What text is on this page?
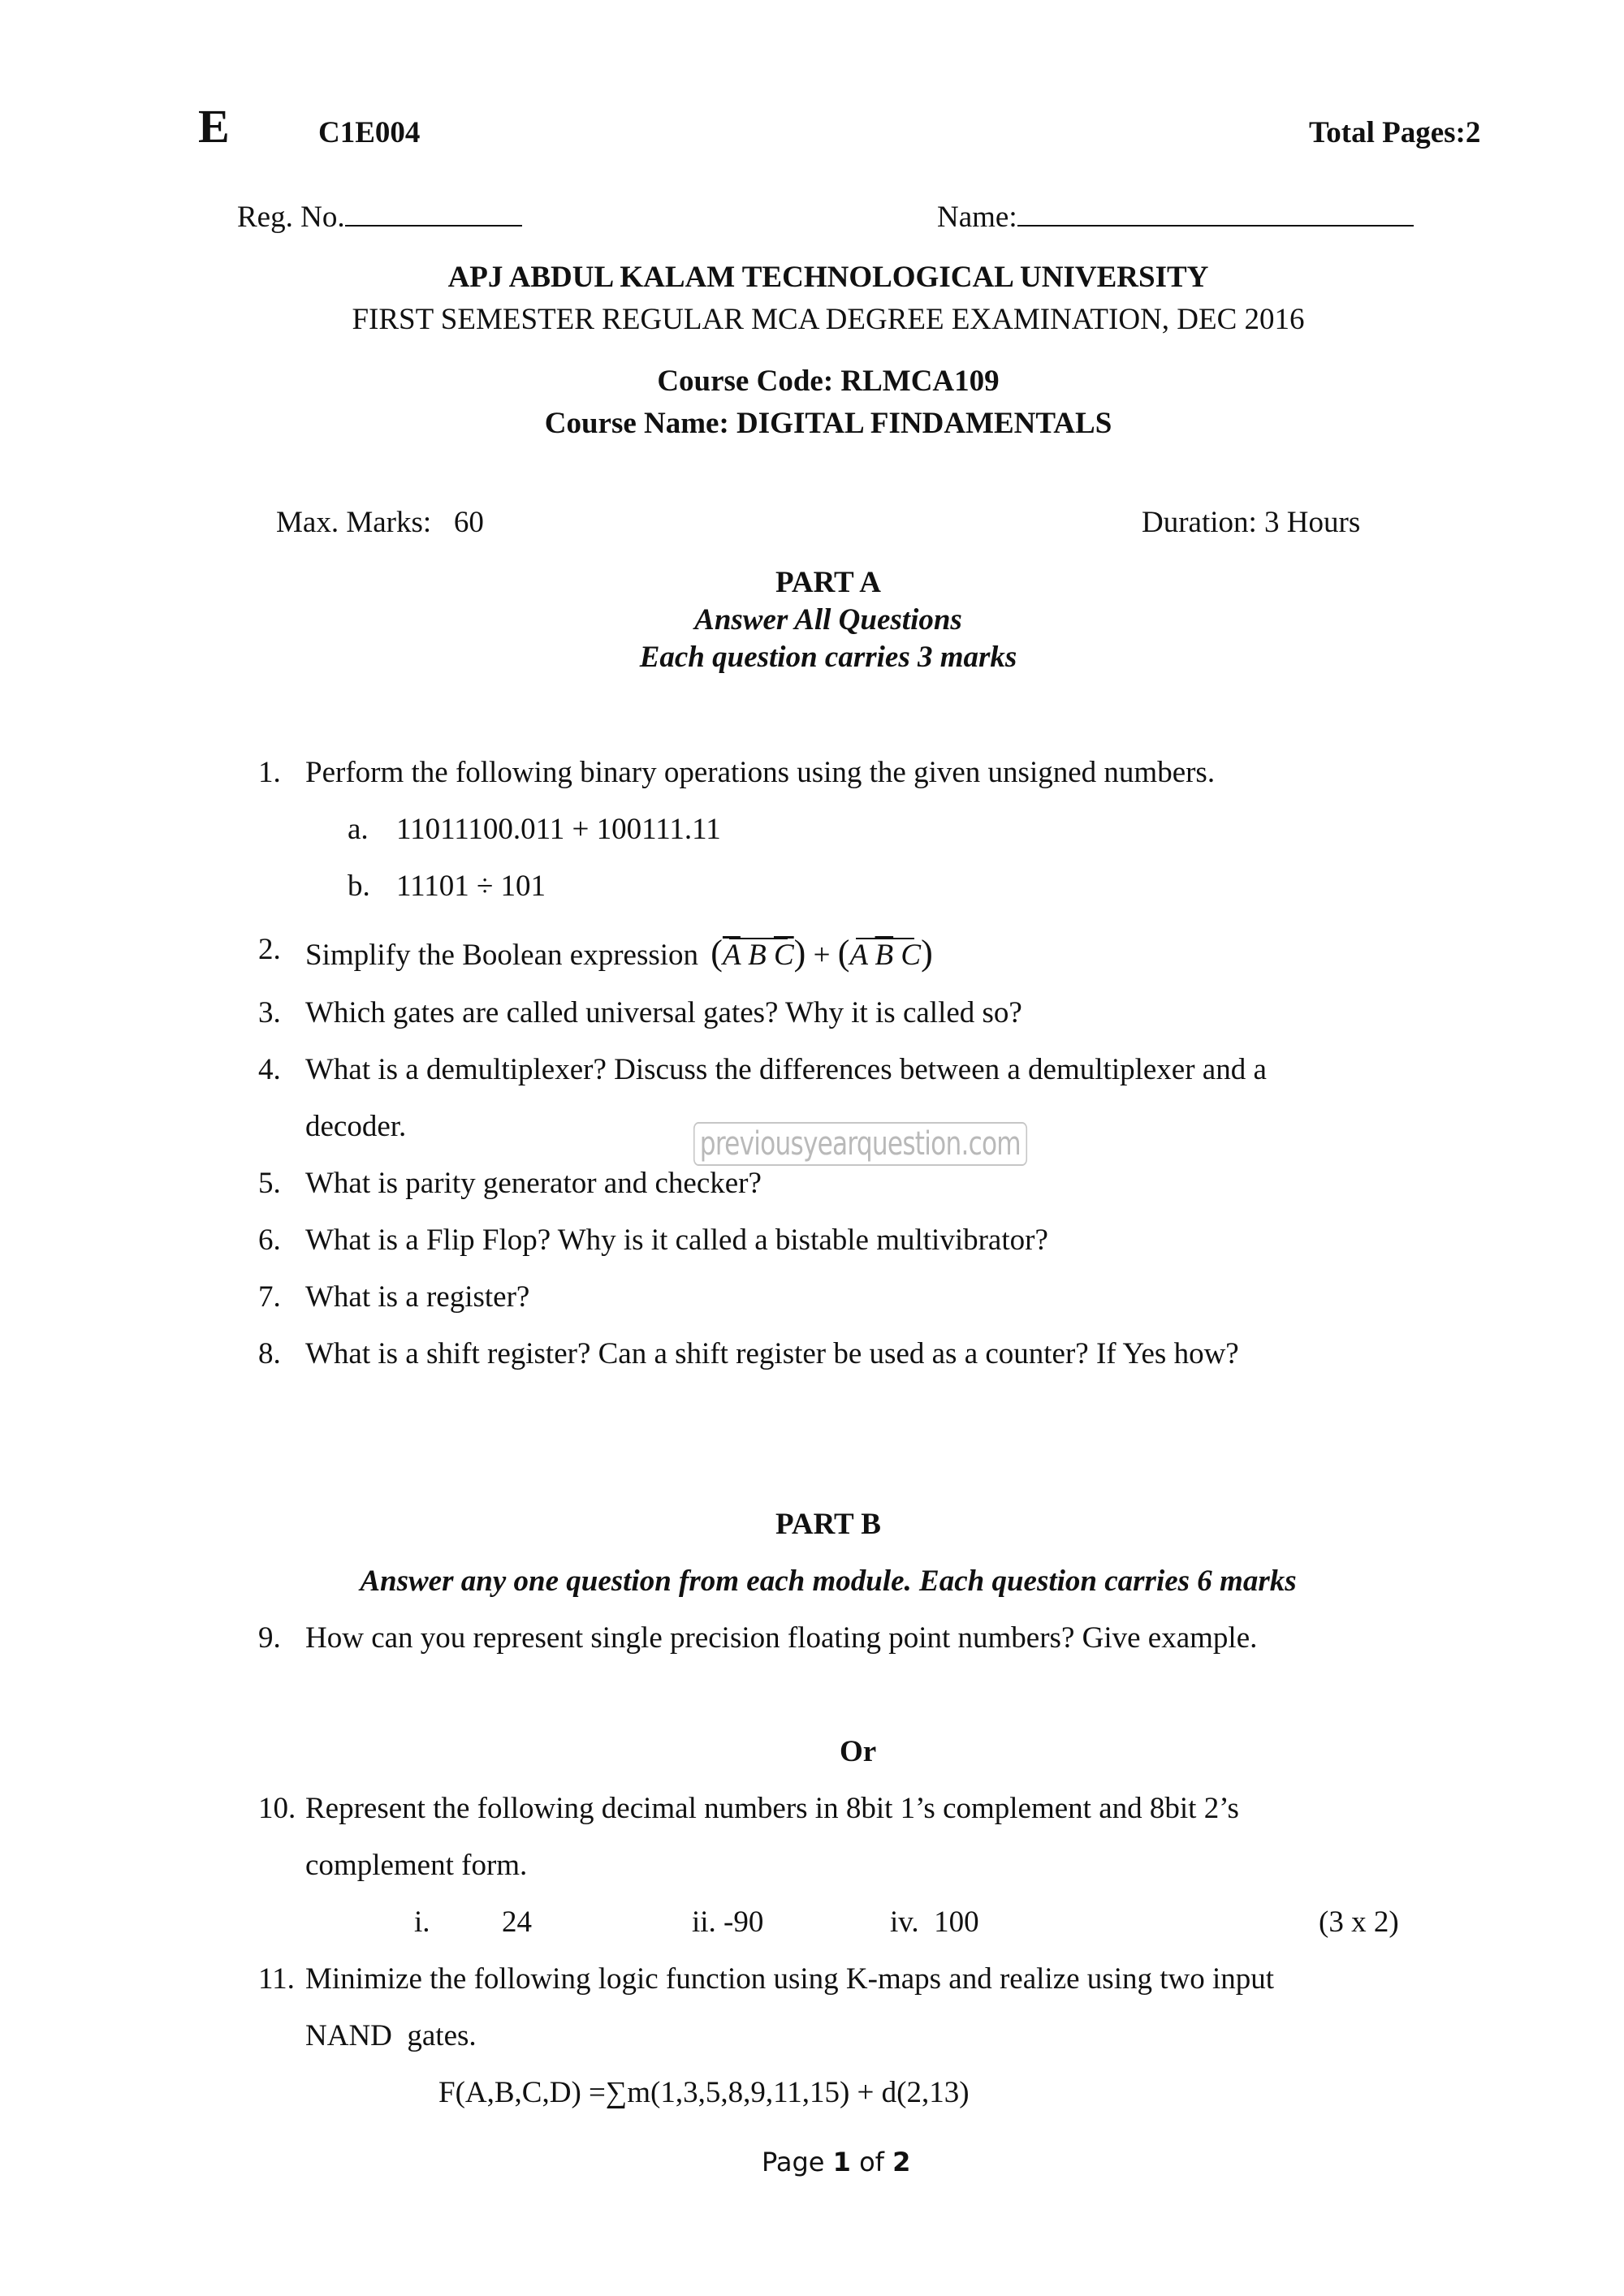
E	C1E004	Total Pages:2
Reg. No.	Name:
APJ ABDUL KALAM TECHNOLOGICAL UNIVERSITY
FIRST SEMESTER REGULAR MCA DEGREE EXAMINATION, DEC 2016
Course Code: RLMCA109
Course Name: DIGITAL FINDAMENTALS
Max. Marks:   60	Duration: 3 Hours
PART A
Answer All Questions
Each question carries 3 marks
1. Perform the following binary operations using the given unsigned numbers.
a. 11011100.011 + 100111.11
b. 11101 ÷ 101
2. Simplify the Boolean expression ($\overline{A}$ B $\overline{C}) + (A$ $\overline{B}$ C)
3. Which gates are called universal gates? Why it is called so?
4. What is a demultiplexer? Discuss the differences between a demultiplexer and a
decoder.
5. What is parity generator and checker?
previousyearquestion.com
6. What is a Flip Flop? Why is it called a bistable multivibrator?
7. What is a register?
8. What is a shift register? Can a shift register be used as a counter? If Yes how?
PART B
Answer any one question from each module. Each question carries 6 marks
9. How can you represent single precision floating point numbers? Give example.
Or
10. Represent the following decimal numbers in 8bit 1’s complement and 8bit 2’s
complement form.
i. 24	ii. -90	iv.  100	(3 x 2)
11. Minimize the following logic function using K-maps and realize using two input
NAND  gates.
F(A,B,C,D) =∑m(1,3,5,8,9,11,15) + d(2,13)
Page 1 of 2
